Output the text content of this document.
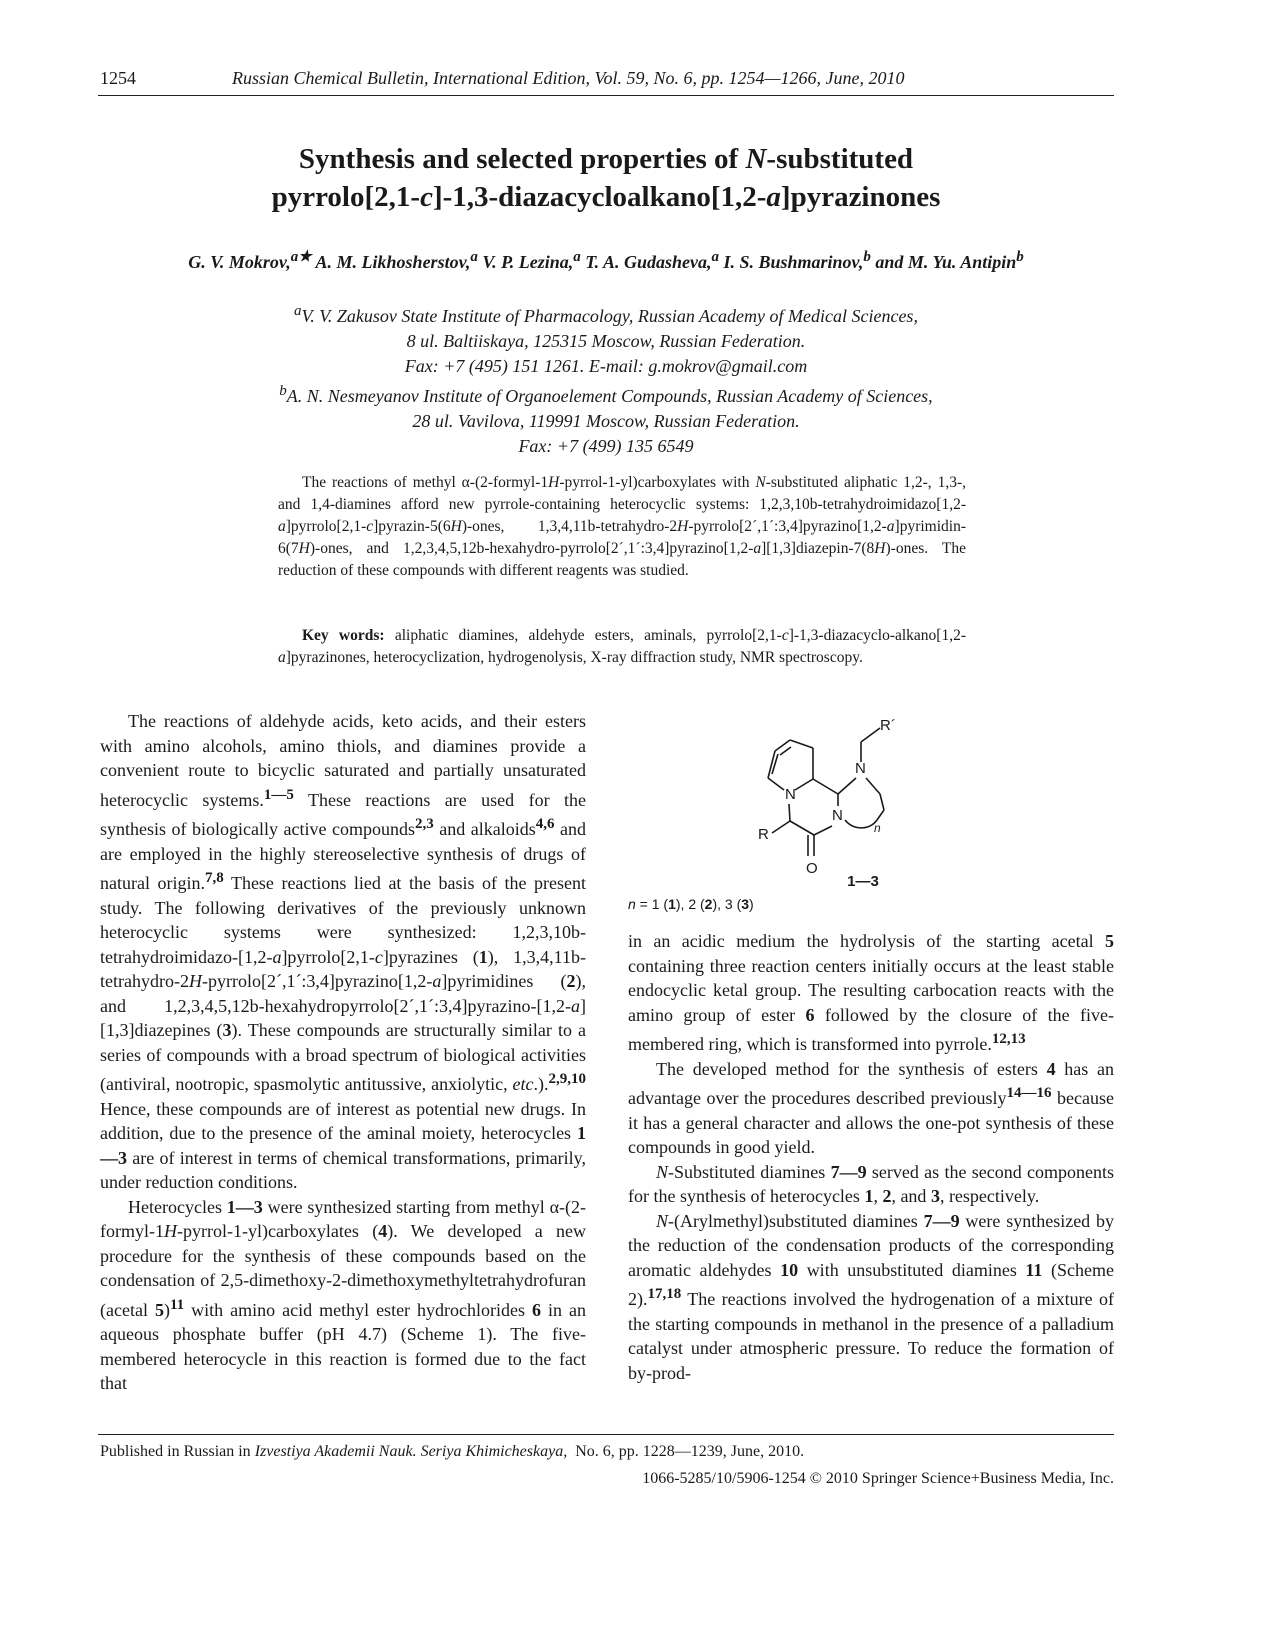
1254	Russian Chemical Bulletin, International Edition, Vol. 59, No. 6, pp. 1254—1266, June, 2010
Synthesis and selected properties of N-substituted
pyrrolo[2,1-c]-1,3-diazacycloalkano[1,2-a]pyrazinones
G. V. Mokrov,$^{a★}$ A. M. Likhosherstov,$^a$ V. P. Lezina,$^a$ T. A. Gudasheva,$^a$ I. S. Bushmarinov,$^b$ and M. Yu. Antipin$^b$
$^a$V. V. Zakusov State Institute of Pharmacology, Russian Academy of Medical Sciences,
8 ul. Baltiiskaya, 125315 Moscow, Russian Federation.
Fax: +7 (495) 151 1261. E-mail: g.mokrov@gmail.com
$^b$A. N. Nesmeyanov Institute of Organoelement Compounds, Russian Academy of Sciences,
28 ul. Vavilova, 119991 Moscow, Russian Federation.
Fax: +7 (499) 135 6549
The reactions of methyl α-(2-formyl-1H-pyrrol-1-yl)carboxylates with N-substituted aliphatic 1,2-, 1,3-, and 1,4-diamines afford new pyrrole-containing heterocyclic systems: 1,2,3,10b-tetrahydroimidazo[1,2-a]pyrrolo[2,1-c]pyrazin-5(6H)-ones, 1,3,4,11b-tetrahydro-2H-pyrrolo[2´,1´:3,4]pyrazino[1,2-a]pyrimidin-6(7H)-ones, and 1,2,3,4,5,12b-hexahydro-pyrrolo[2´,1´:3,4]pyrazino[1,2-a][1,3]diazepin-7(8H)-ones. The reduction of these compounds with different reagents was studied.
Key words: aliphatic diamines, aldehyde esters, aminals, pyrrolo[2,1-c]-1,3-diazacyclo-alkano[1,2-a]pyrazinones, heterocyclization, hydrogenolysis, X-ray diffraction study, NMR spectroscopy.

The reactions of aldehyde acids, keto acids, and their esters with amino alcohols, amino thiols, and diamines provide a convenient route to bicyclic saturated and partially unsaturated heterocyclic systems.$^{1—5}$ These reactions are used for the synthesis of biologically active compounds$^{2,3}$ and alkaloids$^{4,6}$ and are employed in the highly stereoselective synthesis of drugs of natural origin.$^{7,8}$ These reactions lied at the basis of the present study. The following derivatives of the previously unknown heterocyclic systems were synthesized: 1,2,3,10b-tetrahydroimidazo-[1,2-a]pyrrolo[2,1-c]pyrazines (1), 1,3,4,11b-tetrahydro-2H-pyrrolo[2´,1´:3,4]pyrazino[1,2-a]pyrimidines (2), and 1,2,3,4,5,12b-hexahydropyrrolo[2´,1´:3,4]pyrazino-[1,2-a][1,3]diazepines (3). These compounds are structurally similar to a series of compounds with a broad spectrum of biological activities (antiviral, nootropic, spasmolytic antitussive, anxiolytic, etc.).$^{2,9,10}$ Hence, these compounds are of interest as potential new drugs. In addition, due to the presence of the aminal moiety, heterocycles 1—3 are of interest in terms of chemical transformations, primarily, under reduction conditions.

Heterocycles 1—3 were synthesized starting from methyl α-(2-formyl-1H-pyrrol-1-yl)carboxylates (4). We developed a new procedure for the synthesis of these compounds based on the condensation of 2,5-dimethoxy-2-dimethoxymethyltetrahydrofuran (acetal 5)$^{11}$ with amino acid methyl ester hydrochlorides 6 in an aqueous phosphate buffer (pH 4.7) (Scheme 1). The five-membered heterocycle in this reaction is formed due to the fact that

N
N
N
R
R´
O
n
1—3
n = 1 (1), 2 (2), 3 (3)

in an acidic medium the hydrolysis of the starting acetal 5 containing three reaction centers initially occurs at the least stable endocyclic ketal group. The resulting carbocation reacts with the amino group of ester 6 followed by the closure of the five-membered ring, which is transformed into pyrrole.$^{12,13}$

The developed method for the synthesis of esters 4 has an advantage over the procedures described previously$^{14—16}$ because it has a general character and allows the one-pot synthesis of these compounds in good yield.

N-Substituted diamines 7—9 served as the second components for the synthesis of heterocycles 1, 2, and 3, respectively.

N-(Arylmethyl)substituted diamines 7—9 were synthesized by the reduction of the condensation products of the corresponding aromatic aldehydes 10 with unsubstituted diamines 11 (Scheme 2).$^{17,18}$ The reactions involved the hydrogenation of a mixture of the starting compounds in methanol in the presence of a palladium catalyst under atmospheric pressure. To reduce the formation of by-prod-

Published in Russian in Izvestiya Akademii Nauk. Seriya Khimicheskaya,  No. 6, pp. 1228—1239, June, 2010.
1066-5285/10/5906-1254 © 2010 Springer Science+Business Media, Inc.
